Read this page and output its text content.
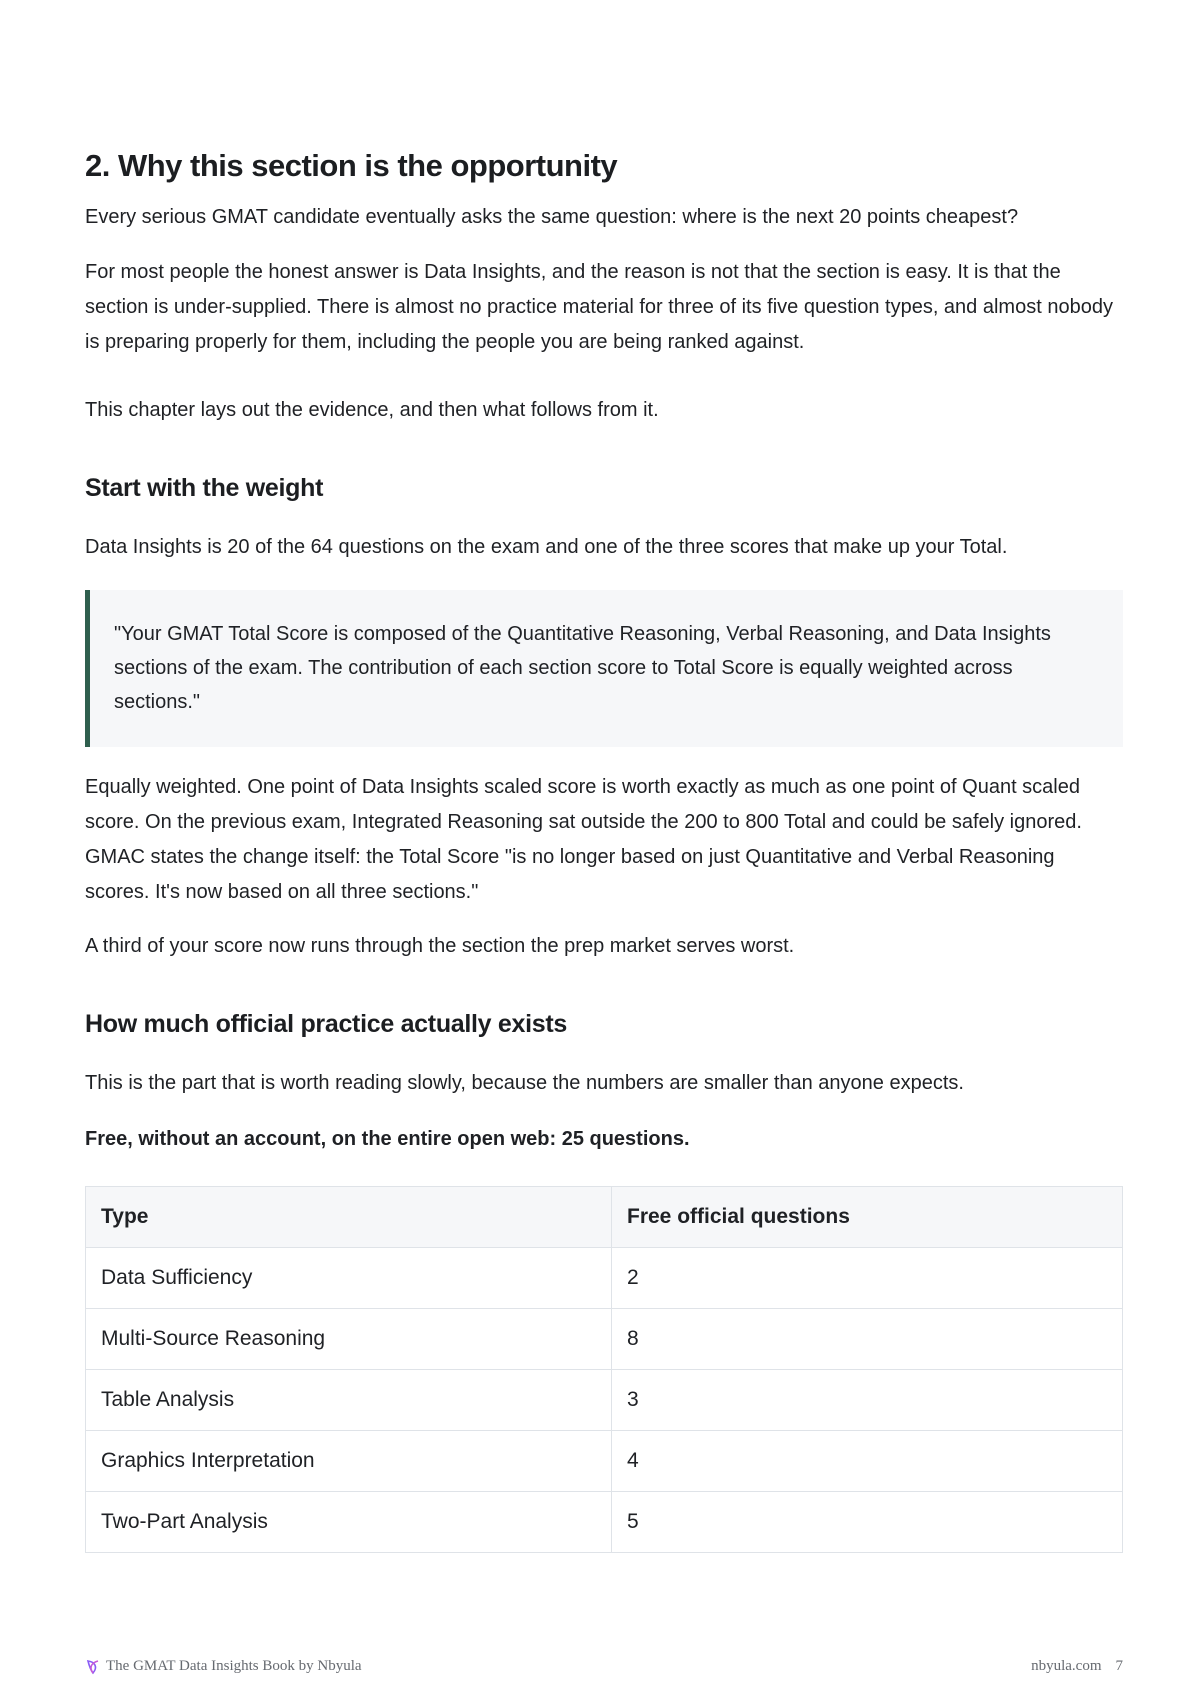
2. Why this section is the opportunity

Every serious GMAT candidate eventually asks the same question: where is the next 20 points cheapest?

For most people the honest answer is Data Insights, and the reason is not that the section is easy. It is that the section is under-supplied. There is almost no practice material for three of its five question types, and almost nobody is preparing properly for them, including the people you are being ranked against.

This chapter lays out the evidence, and then what follows from it.

Start with the weight

Data Insights is 20 of the 64 questions on the exam and one of the three scores that make up your Total.

"Your GMAT Total Score is composed of the Quantitative Reasoning, Verbal Reasoning, and Data Insights sections of the exam. The contribution of each section score to Total Score is equally weighted across sections."

Equally weighted. One point of Data Insights scaled score is worth exactly as much as one point of Quant scaled score. On the previous exam, Integrated Reasoning sat outside the 200 to 800 Total and could be safely ignored. GMAC states the change itself: the Total Score "is no longer based on just Quantitative and Verbal Reasoning scores. It's now based on all three sections."

A third of your score now runs through the section the prep market serves worst.

How much official practice actually exists

This is the part that is worth reading slowly, because the numbers are smaller than anyone expects.

Free, without an account, on the entire open web: 25 questions.

Type	Free official questions
Data Sufficiency	2
Multi-Source Reasoning	8
Table Analysis	3
Graphics Interpretation	4
Two-Part Analysis	5
The GMAT Data Insights Book by Nbyula	nbyula.com 7
